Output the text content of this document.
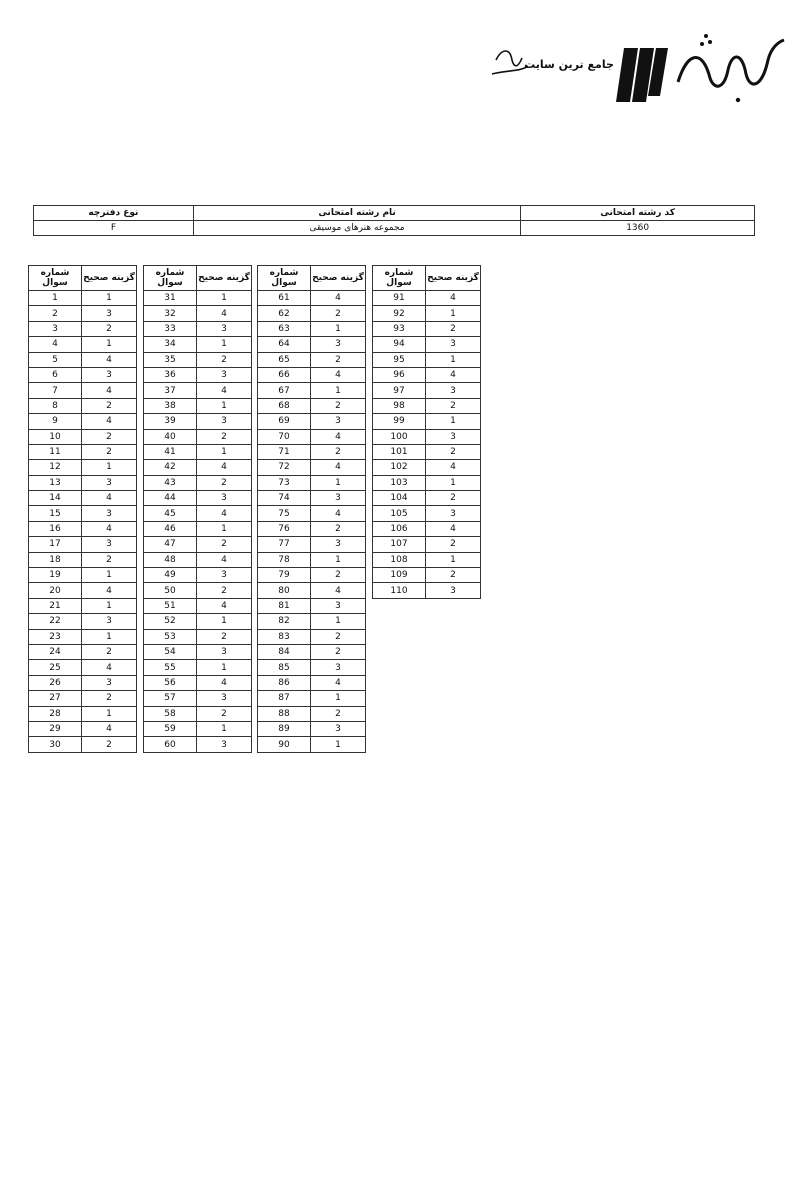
جامع ترین سایت
کد رشته امتحانی	نام رشته امتحانی	نوع دفترچه
1360	مجموعه هنرهای موسیقی	F
گزینه صحیح	شماره سوال
1	1
3	2
2	3
1	4
4	5
3	6
4	7
2	8
4	9
2	10
2	11
1	12
3	13
4	14
3	15
4	16
3	17
2	18
1	19
4	20
1	21
3	22
1	23
2	24
4	25
3	26
2	27
1	28
4	29
2	30
گزینه صحیح	شماره سوال
1	31
4	32
3	33
1	34
2	35
3	36
4	37
1	38
3	39
2	40
1	41
4	42
2	43
3	44
4	45
1	46
2	47
4	48
3	49
2	50
4	51
1	52
2	53
3	54
1	55
4	56
3	57
2	58
1	59
3	60
گزینه صحیح	شماره سوال
4	61
2	62
1	63
3	64
2	65
4	66
1	67
2	68
3	69
4	70
2	71
4	72
1	73
3	74
4	75
2	76
3	77
1	78
2	79
4	80
3	81
1	82
2	83
2	84
3	85
4	86
1	87
2	88
3	89
1	90
گزینه صحیح	شماره سوال
4	91
1	92
2	93
3	94
1	95
4	96
3	97
2	98
1	99
3	100
2	101
4	102
1	103
2	104
3	105
4	106
2	107
1	108
2	109
3	110
